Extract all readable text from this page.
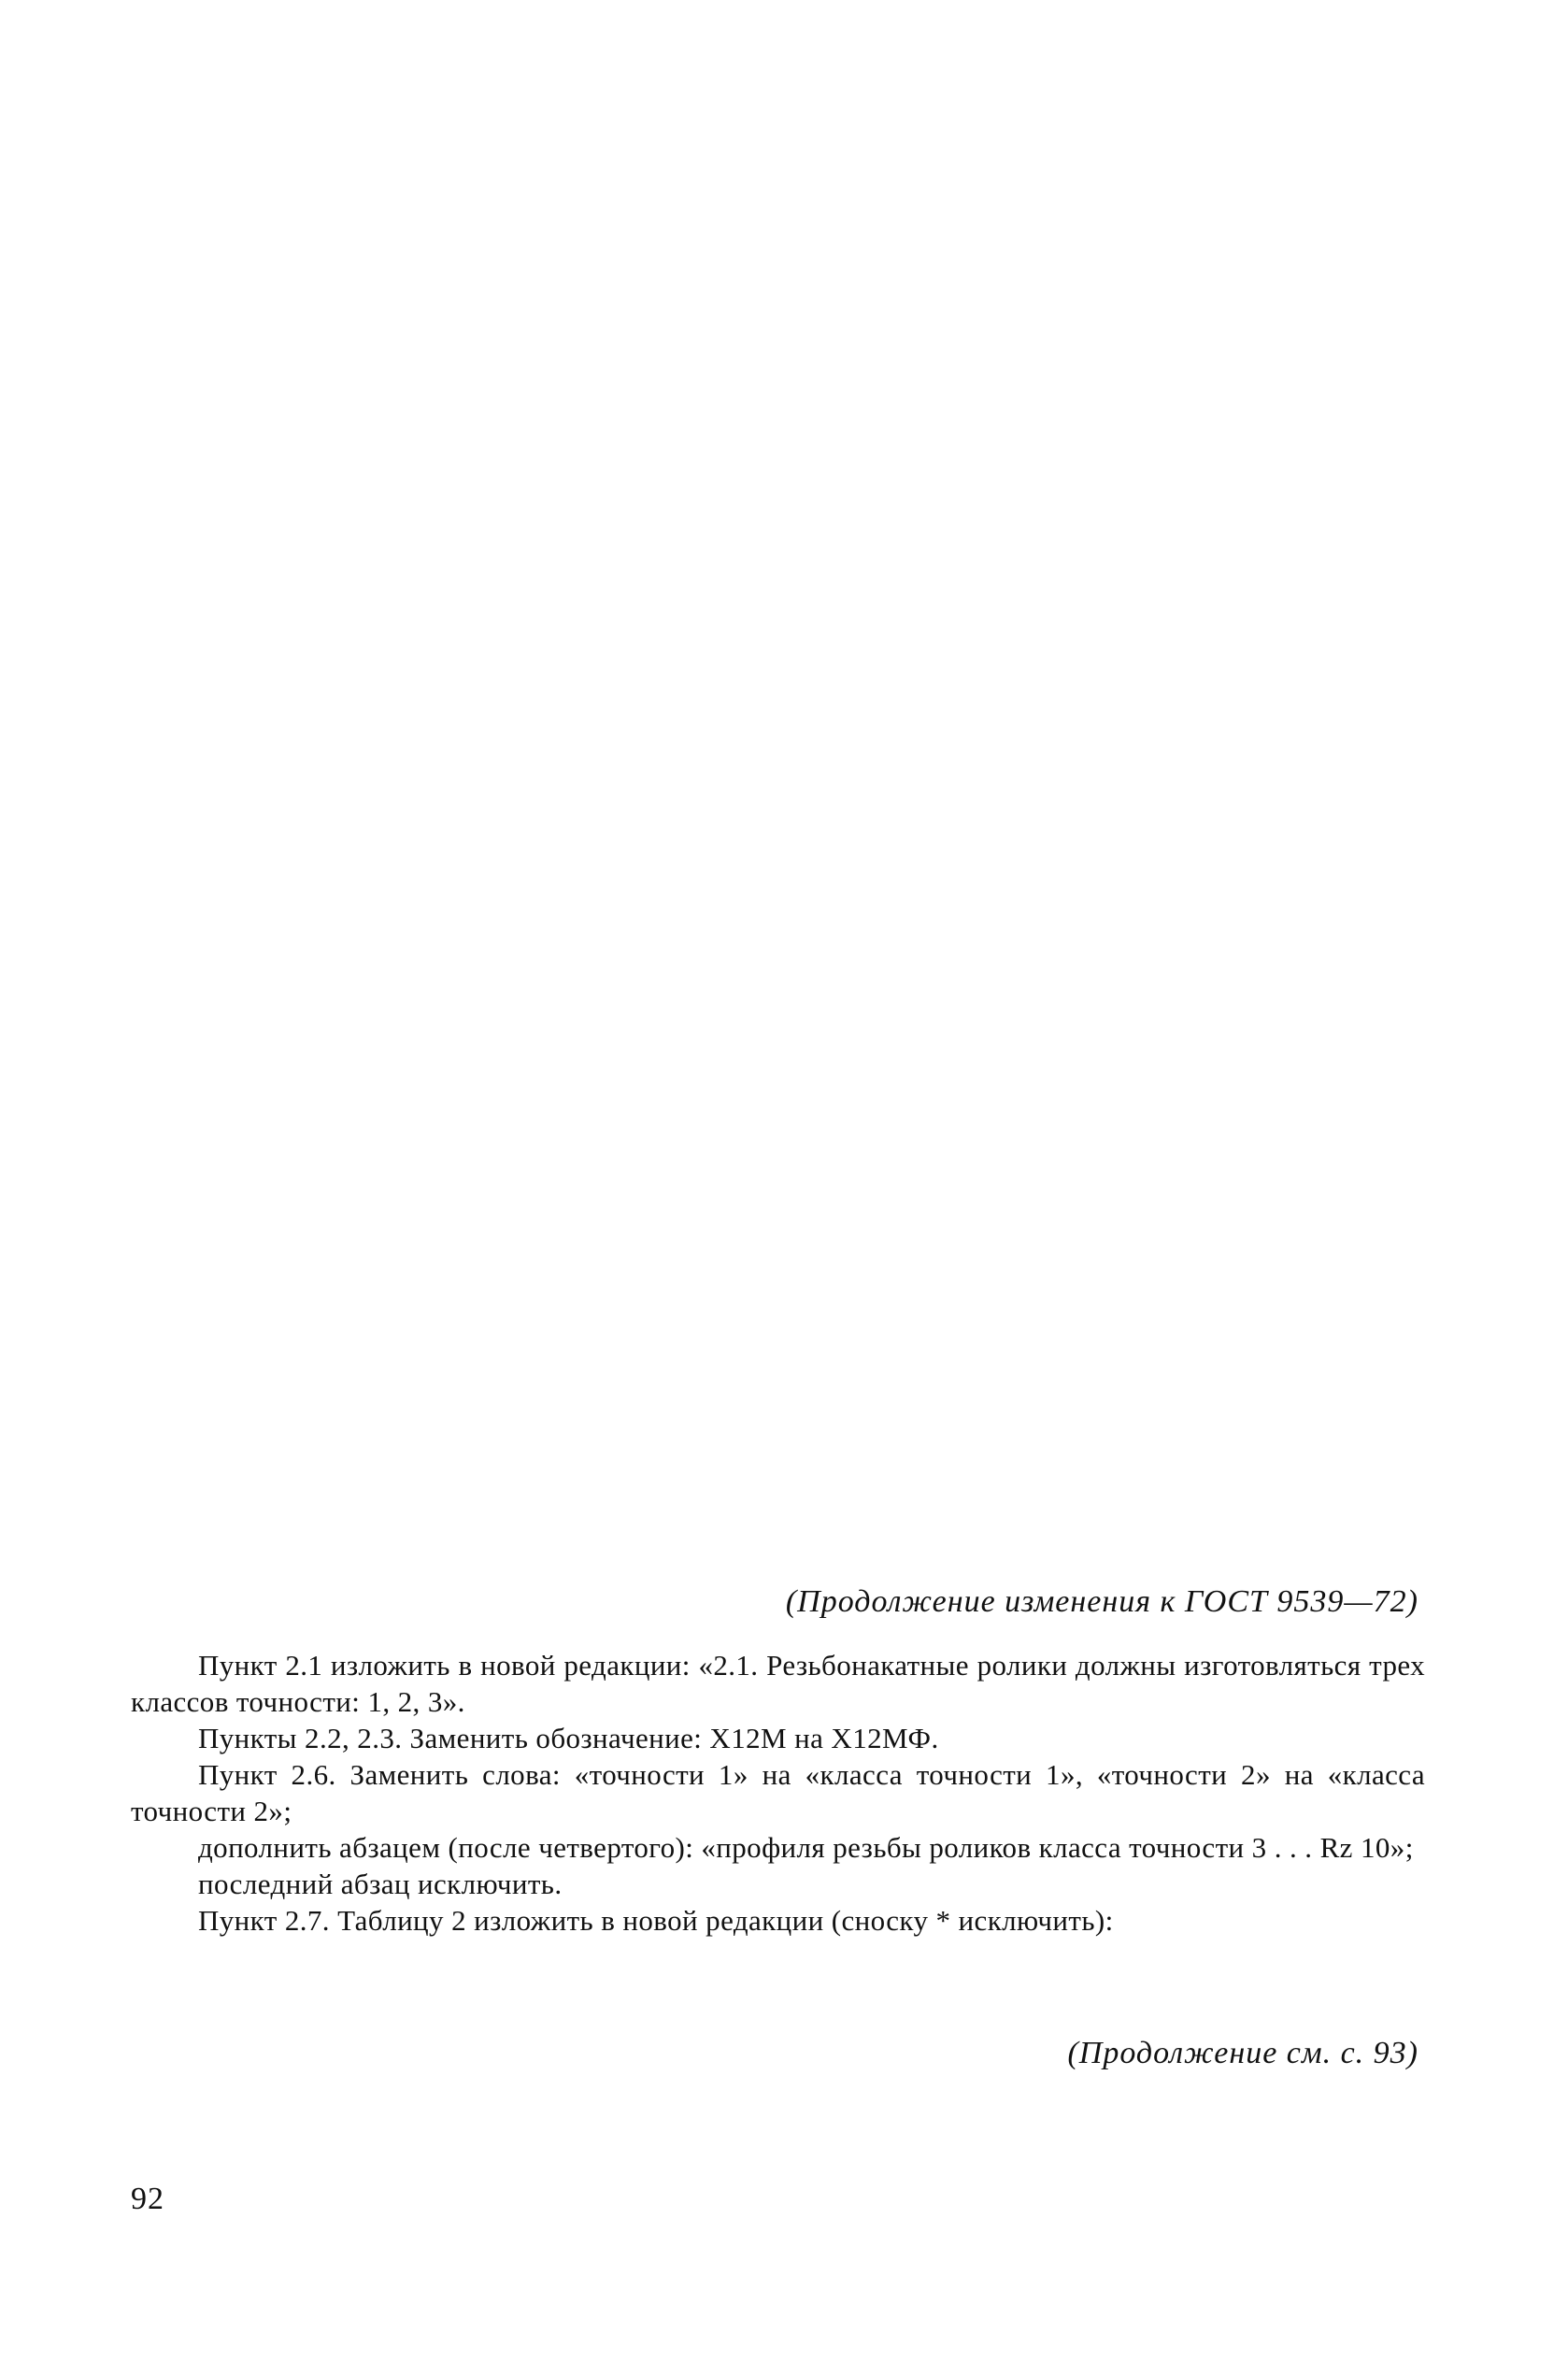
(Продолжение изменения к ГОСТ 9539—72)

Пункт 2.1 изложить в новой редакции: «2.1. Резьбонакатные ролики должны изготовляться трех классов точности: 1, 2, 3».

Пункты 2.2, 2.3. Заменить обозначение: Х12М на Х12МФ.

Пункт 2.6. Заменить слова: «точности 1» на «класса точности 1», «точности 2» на «класса точности 2»;

дополнить абзацем (после четвертого): «профиля резьбы роликов класса точности 3 . . . Rz 10»;

последний абзац исключить.

Пункт 2.7. Таблицу 2 изложить в новой редакции (сноску * исключить):

(Продолжение см. с. 93)
92
